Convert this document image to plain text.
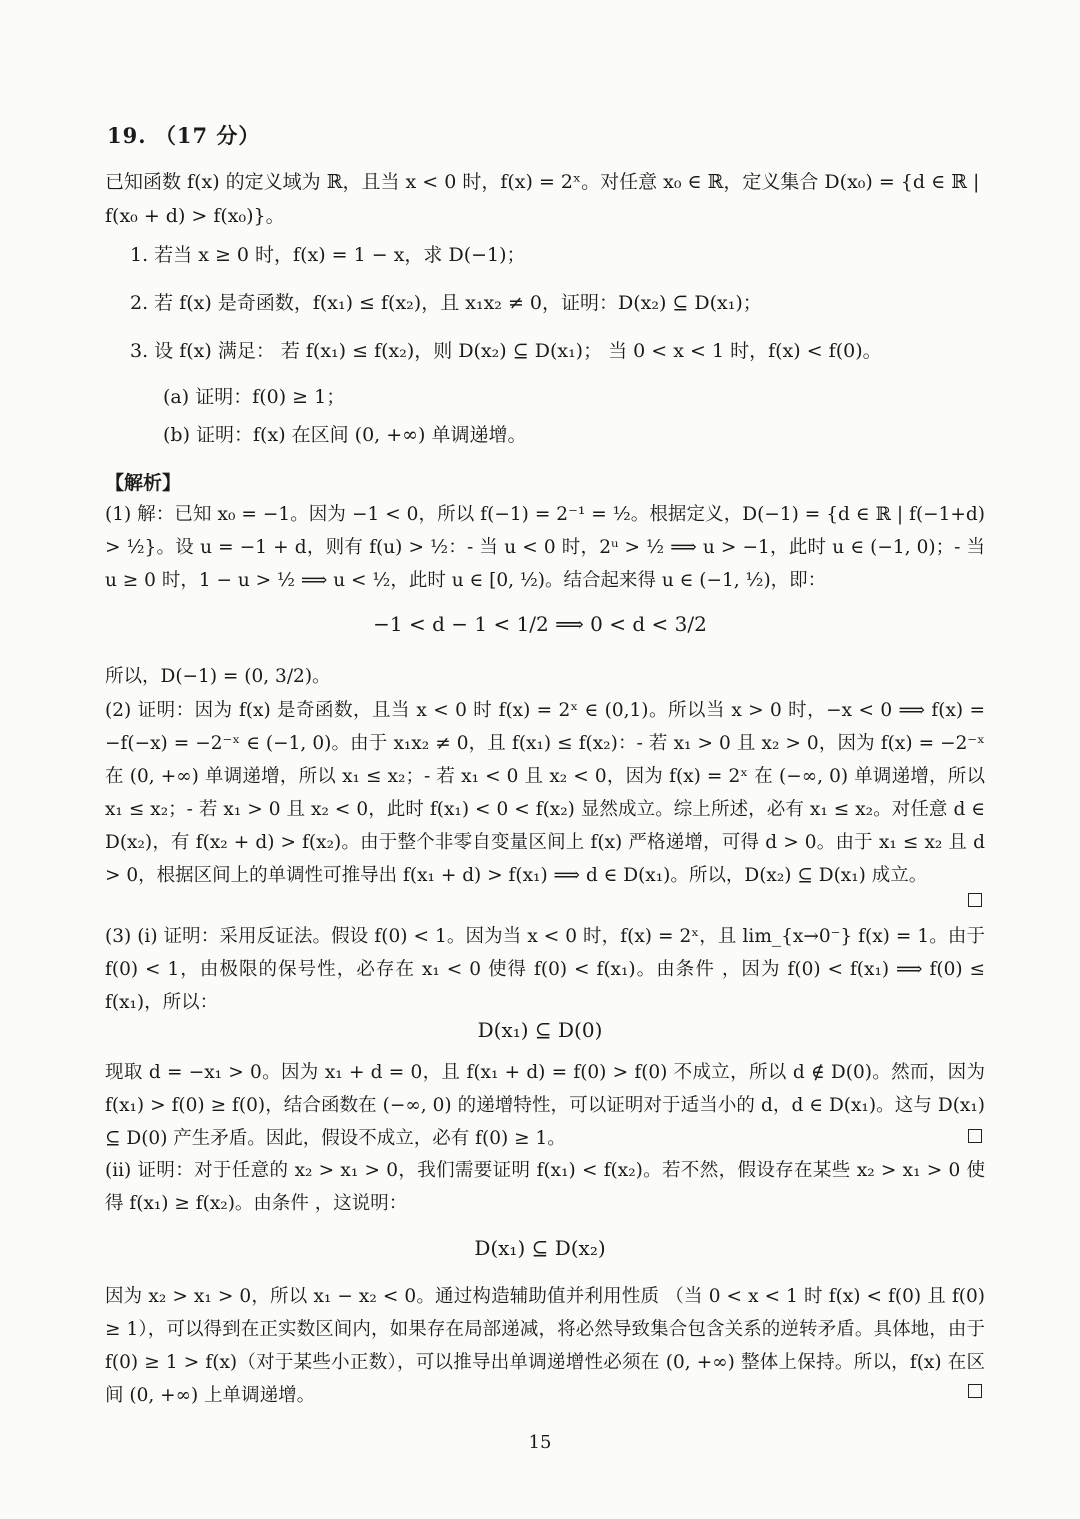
19. （17 分）
已知函数 f(x) 的定义域为 ℝ，且当 x < 0 时，f(x) = 2ˣ。对任意 x₀ ∈ ℝ，定义集合 D(x₀) = {d ∈ ℝ | f(x₀ + d) > f(x₀)}。
1. 若当 x ≥ 0 时，f(x) = 1 − x，求 D(−1)；
2. 若 f(x) 是奇函数，f(x₁) ≤ f(x₂)，且 x₁x₂ ≠ 0，证明：D(x₂) ⊆ D(x₁)；
3. 设 f(x) 满足： 若 f(x₁) ≤ f(x₂)，则 D(x₂) ⊆ D(x₁)； 当 0 < x < 1 时，f(x) < f(0)。
(a) 证明：f(0) ≥ 1；
(b) 证明：f(x) 在区间 (0, +∞) 单调递增。
【解析】
(1) 解：已知 x₀ = −1。因为 −1 < 0，所以 f(−1) = 2⁻¹ = ½。根据定义，D(−1) = {d ∈ ℝ | f(−1+d) > ½}。设 u = −1 + d，则有 f(u) > ½：- 当 u < 0 时，2ᵘ > ½ ⟹ u > −1，此时 u ∈ (−1, 0)；- 当 u ≥ 0 时，1 − u > ½ ⟹ u < ½，此时 u ∈ [0, ½)。结合起来得 u ∈ (−1, ½)，即：
−1 < d − 1 < 1/2 ⟹ 0 < d < 3/2
所以，D(−1) = (0, 3/2)。
(2) 证明：因为 f(x) 是奇函数，且当 x < 0 时 f(x) = 2ˣ ∈ (0,1)。所以当 x > 0 时，−x < 0 ⟹ f(x) = −f(−x) = −2⁻ˣ ∈ (−1, 0)。由于 x₁x₂ ≠ 0，且 f(x₁) ≤ f(x₂)：- 若 x₁ > 0 且 x₂ > 0，因为 f(x) = −2⁻ˣ 在 (0, +∞) 单调递增，所以 x₁ ≤ x₂；- 若 x₁ < 0 且 x₂ < 0，因为 f(x) = 2ˣ 在 (−∞, 0) 单调递增，所以 x₁ ≤ x₂；- 若 x₁ > 0 且 x₂ < 0，此时 f(x₁) < 0 < f(x₂) 显然成立。综上所述，必有 x₁ ≤ x₂。对任意 d ∈ D(x₂)，有 f(x₂ + d) > f(x₂)。由于整个非零自变量区间上 f(x) 严格递增，可得 d > 0。由于 x₁ ≤ x₂ 且 d > 0，根据区间上的单调性可推导出 f(x₁ + d) > f(x₁) ⟹ d ∈ D(x₁)。所以，D(x₂) ⊆ D(x₁) 成立。
(3) (i) 证明：采用反证法。假设 f(0) < 1。因为当 x < 0 时，f(x) = 2ˣ，且 lim_{x→0⁻} f(x) = 1。由于 f(0) < 1，由极限的保号性，必存在 x₁ < 0 使得 f(0) < f(x₁)。由条件 ，因为 f(0) < f(x₁) ⟹ f(0) ≤ f(x₁)，所以：
D(x₁) ⊆ D(0)
现取 d = −x₁ > 0。因为 x₁ + d = 0，且 f(x₁ + d) = f(0) > f(0) 不成立，所以 d ∉ D(0)。然而，因为 f(x₁) > f(0) ≥ f(0)，结合函数在 (−∞, 0) 的递增特性，可以证明对于适当小的 d，d ∈ D(x₁)。这与 D(x₁) ⊆ D(0) 产生矛盾。因此，假设不成立，必有 f(0) ≥ 1。
(ii) 证明：对于任意的 x₂ > x₁ > 0，我们需要证明 f(x₁) < f(x₂)。若不然，假设存在某些 x₂ > x₁ > 0 使得 f(x₁) ≥ f(x₂)。由条件 ，这说明：
D(x₁) ⊆ D(x₂)
因为 x₂ > x₁ > 0，所以 x₁ − x₂ < 0。通过构造辅助值并利用性质 （当 0 < x < 1 时 f(x) < f(0) 且 f(0) ≥ 1），可以得到在正实数区间内，如果存在局部递减，将必然导致集合包含关系的逆转矛盾。具体地，由于 f(0) ≥ 1 > f(x)（对于某些小正数），可以推导出单调递增性必须在 (0, +∞) 整体上保持。所以，f(x) 在区间 (0, +∞) 上单调递增。
15
